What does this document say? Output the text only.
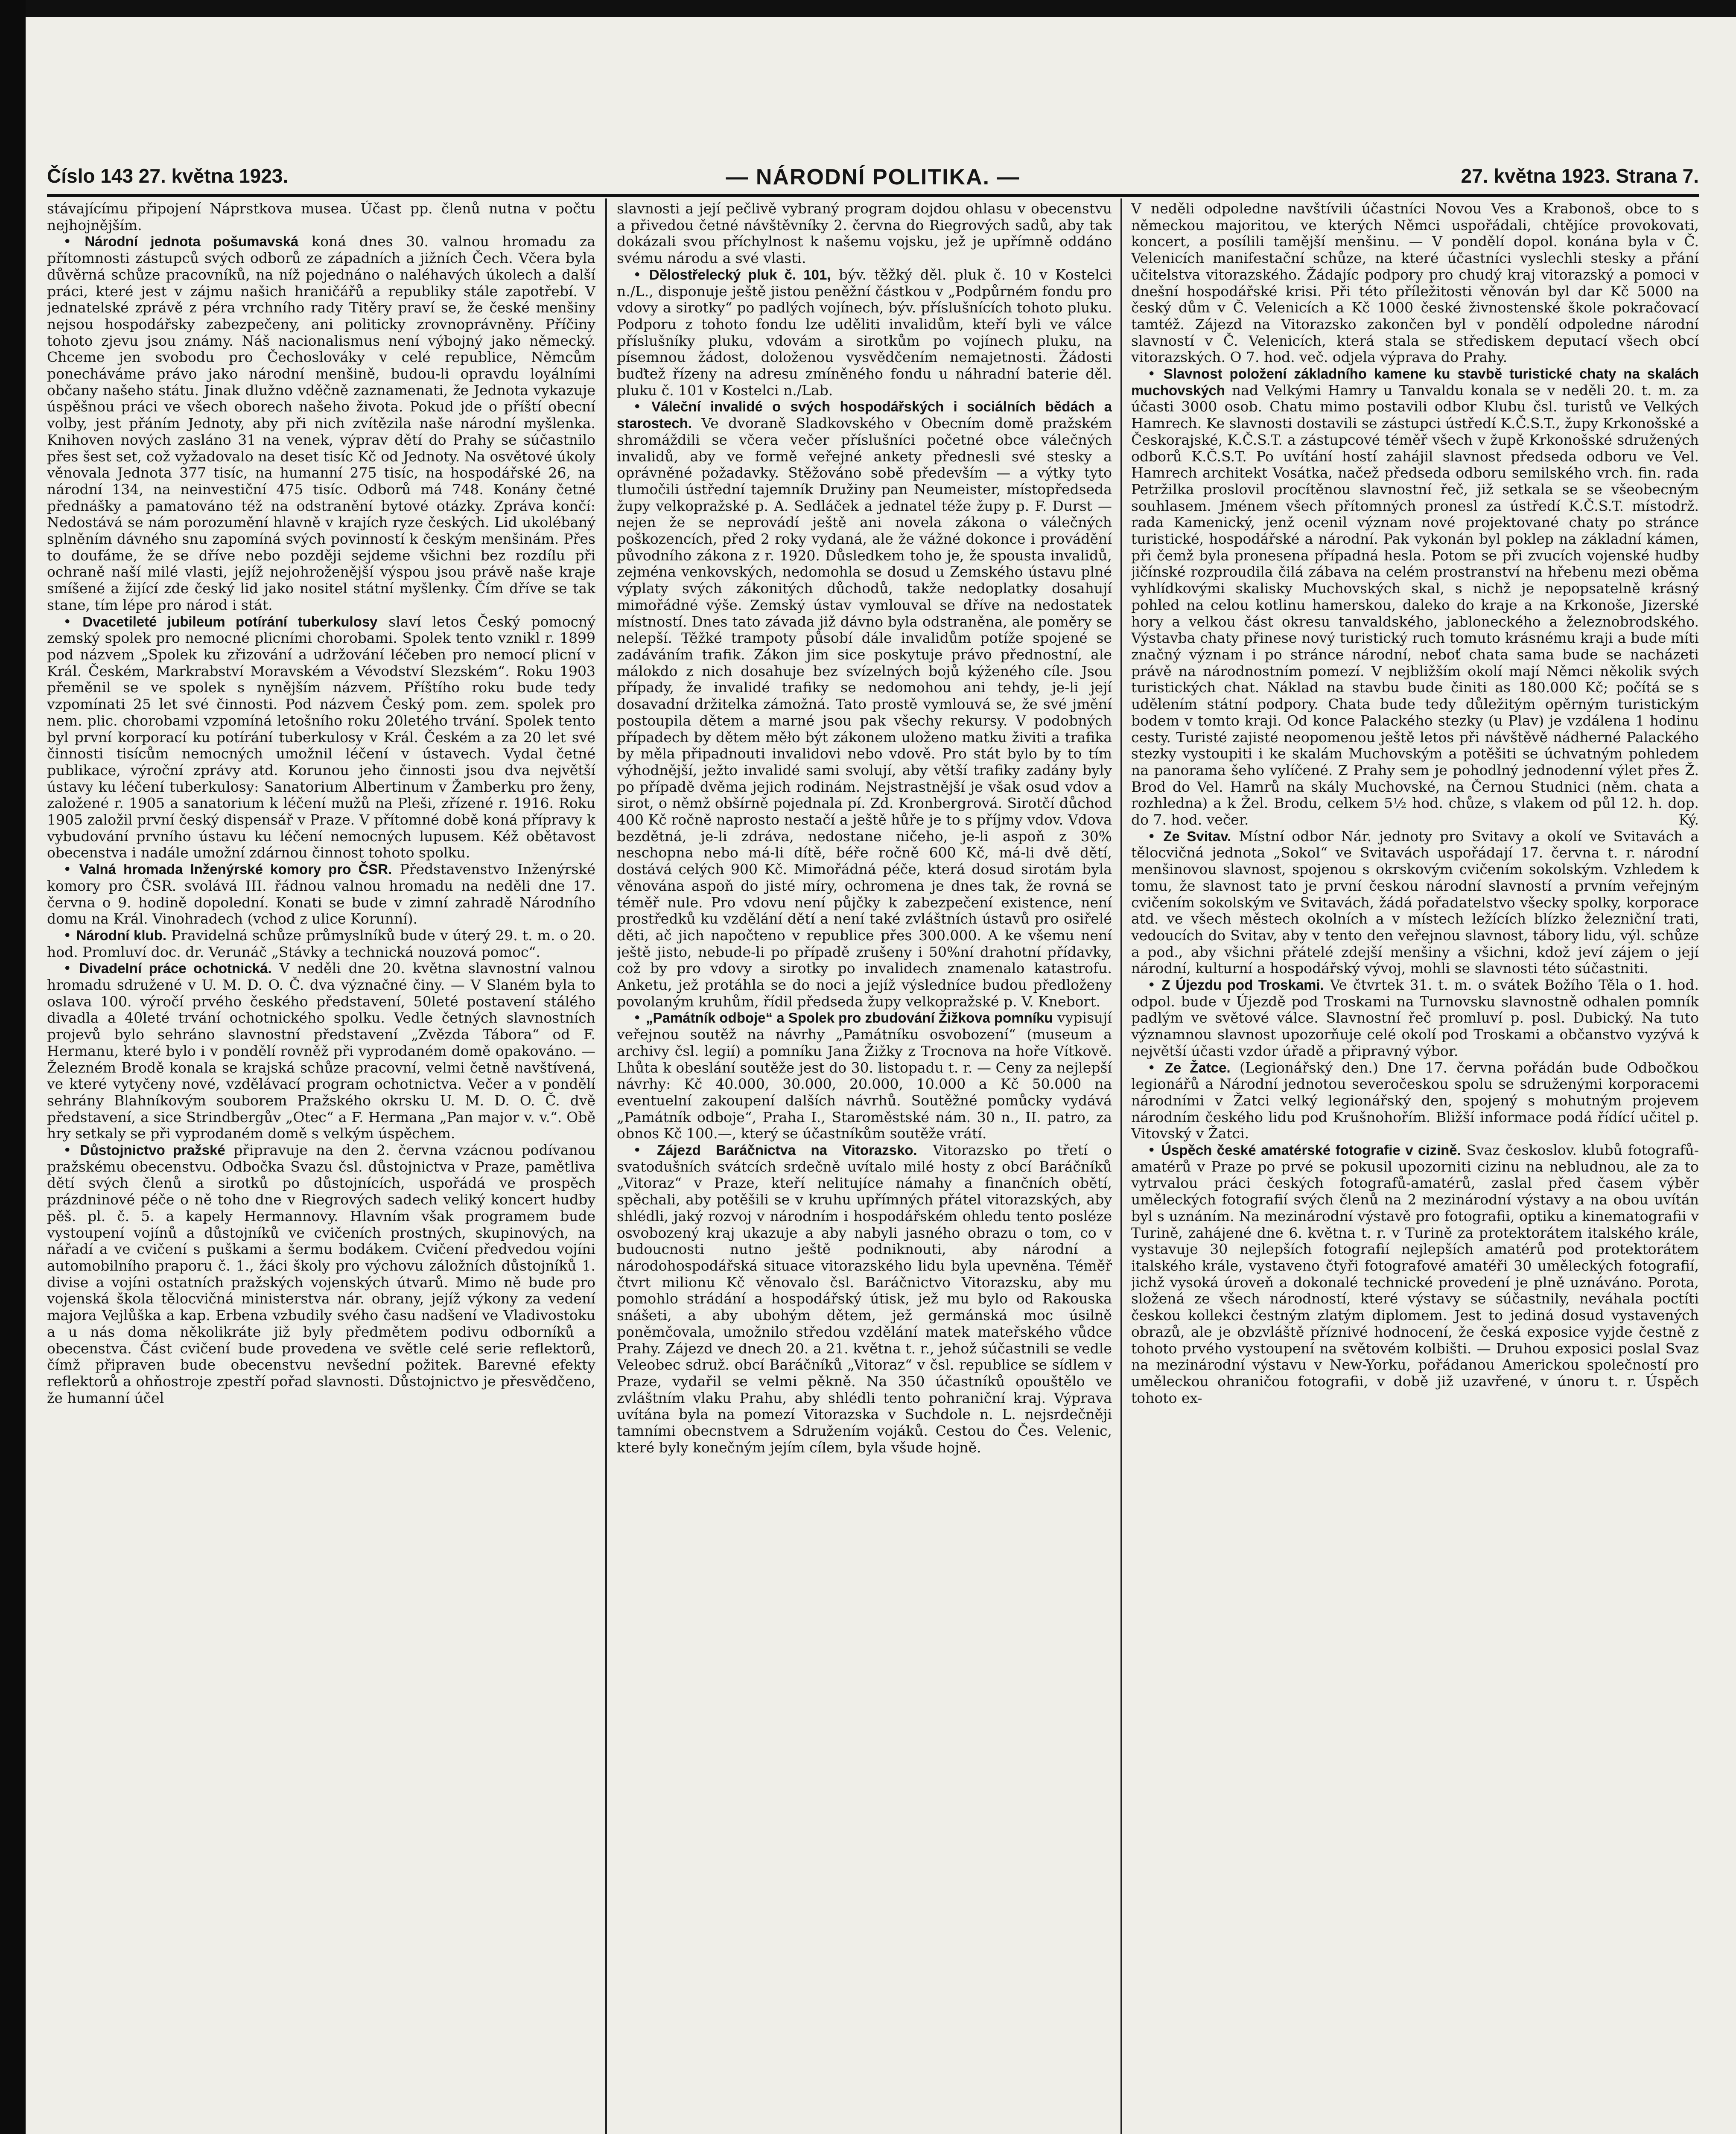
Číslo 143 27. května 1923.	— NÁRODNÍ POLITIKA. —	27. května 1923. Strana 7.

stávajícímu připojení Náprstkova musea. Účast pp. členů nutna v počtu nejhojnějším.

• Národní jednota pošumavská koná dnes 30. valnou hromadu za přítomnosti zástupců svých odborů ze západních a jižních Čech. Včera byla důvěrná schůze pracovníků, na níž pojednáno o naléhavých úkolech a další práci, které jest v zájmu našich hraničářů a republiky stále zapotřebí. V jednatelské zprávě z péra vrchního rady Titěry praví se, že české menšiny nejsou hospodářsky zabezpečeny, ani politicky zrovnoprávněny. Příčiny tohoto zjevu jsou známy. Náš nacionalismus není výbojný jako německý. Chceme jen svobodu pro Čechoslováky v celé republice, Němcům ponecháváme právo jako národní menšině, budou-li opravdu loyálními občany našeho státu. Jinak dlužno vděčně zaznamenati, že Jednota vykazuje úspěšnou práci ve všech oborech našeho života. Pokud jde o příští obecní volby, jest přáním Jednoty, aby při nich zvítězila naše národní myšlenka. Knihoven nových zasláno 31 na venek, výprav dětí do Prahy se súčastnilo přes šest set, což vyžadovalo na deset tisíc Kč od Jednoty. Na osvětové úkoly věnovala Jednota 377 tisíc, na humanní 275 tisíc, na hospodářské 26, na národní 134, na neinvestiční 475 tisíc. Odborů má 748. Konány četné přednášky a pamatováno též na odstranění bytové otázky. Zpráva končí: Nedostává se nám porozumění hlavně v krajích ryze českých. Lid ukolébaný splněním dávného snu zapomíná svých povinností k českým menšinám. Přes to doufáme, že se dříve nebo později sejdeme všichni bez rozdílu při ochraně naší milé vlasti, jejíž nejohroženější výspou jsou právě naše kraje smíšené a žijící zde český lid jako nositel státní myšlenky. Čím dříve se tak stane, tím lépe pro národ i stát.

• Dvacetileté jubileum potírání tuberkulosy slaví letos Český pomocný zemský spolek pro nemocné plicními chorobami. Spolek tento vznikl r. 1899 pod názvem „Spolek ku zřizování a udržování léčeben pro nemocí plicní v Král. Českém, Markrabství Moravském a Vévodství Slezském“. Roku 1903 přeměnil se ve spolek s nynějším názvem. Příštího roku bude tedy vzpomínati 25 let své činnosti. Pod názvem Český pom. zem. spolek pro nem. plic. chorobami vzpomíná letošního roku 20letého trvání. Spolek tento byl první korporací ku potírání tuberkulosy v Král. Českém a za 20 let své činnosti tisícům nemocných umožnil léčení v ústavech. Vydal četné publikace, výroční zprávy atd. Korunou jeho činnosti jsou dva největší ústavy ku léčení tuberkulosy: Sanatorium Albertinum v Žamberku pro ženy, založené r. 1905 a sanatorium k léčení mužů na Pleši, zřízené r. 1916. Roku 1905 založil první český dispensář v Praze. V přítomné době koná přípravy k vybudování prvního ústavu ku léčení nemocných lupusem. Kéž obětavost obecenstva i nadále umožní zdárnou činnost tohoto spolku.

• Valná hromada Inženýrské komory pro ČSR. Představenstvo Inženýrské komory pro ČSR. svolává III. řádnou valnou hromadu na neděli dne 17. června o 9. hodině dopolední. Konati se bude v zimní zahradě Národního domu na Král. Vinohradech (vchod z ulice Korunní).

• Národní klub. Pravidelná schůze průmyslníků bude v úterý 29. t. m. o 20. hod. Promluví doc. dr. Verunáč „Stávky a technická nouzová pomoc“.

• Divadelní práce ochotnická. V neděli dne 20. května slavnostní valnou hromadu sdružené v U. M. D. O. Č. dva význačné činy. — V Slaném byla to oslava 100. výročí prvého českého představení, 50leté postavení stálého divadla a 40leté trvání ochotnického spolku. Vedle četných slavnostních projevů bylo sehráno slavnostní představení „Zvězda Tábora“ od F. Hermanu, které bylo i v pondělí rovněž při vyprodaném domě opakováno. — Železném Brodě konala se krajská schůze pracovní, velmi četně navštívená, ve které vytyčeny nové, vzdělávací program ochotnictva. Večer a v pondělí sehrány Blahníkovým souborem Pražského okrsku U. M. D. O. Č. dvě představení, a sice Strindbergův „Otec“ a F. Hermana „Pan major v. v.“. Obě hry setkaly se při vyprodaném domě s velkým úspěchem.

• Důstojnictvo pražské připravuje na den 2. června vzácnou podívanou pražskému obecenstvu. Odbočka Svazu čsl. důstojnictva v Praze, pamětliva dětí svých členů a sirotků po důstojnících, uspořádá ve prospěch prázdninové péče o ně toho dne v Riegrových sadech veliký koncert hudby pěš. pl. č. 5. a kapely Hermannovy. Hlavním však programem bude vystoupení vojínů a důstojníků ve cvičeních prostných, skupinových, na nářadí a ve cvičení s puškami a šermu bodákem. Cvičení předvedou vojíni automobilního praporu č. 1., žáci školy pro výchovu záložních důstojníků 1. divise a vojíni ostatních pražských vojenských útvarů. Mimo ně bude pro vojenská škola tělocvičná ministerstva nár. obrany, jejíž výkony za vedení majora Vejlůška a kap. Erbena vzbudily svého času nadšení ve Vladivostoku a u nás doma několikráte již byly předmětem podivu odborníků a obecenstva. Část cvičení bude provedena ve světle celé serie reflektorů, čímž připraven bude obecenstvu nevšední požitek. Barevné efekty reflektorů a ohňostroje zpestří pořad slavnosti. Důstojnictvo je přesvědčeno, že humanní účel

slavnosti a její pečlivě vybraný program dojdou ohlasu v obecenstvu a přivedou četné návštěvníky 2. června do Riegrových sadů, aby tak dokázali svou příchylnost k našemu vojsku, jež je upřímně oddáno svému národu a své vlasti.

• Dělostřelecký pluk č. 101, býv. těžký děl. pluk č. 10 v Kostelci n./L., disponuje ještě jistou peněžní částkou v „Podpůrném fondu pro vdovy a sirotky“ po padlých vojínech, býv. příslušnících tohoto pluku. Podporu z tohoto fondu lze uděliti invalidům, kteří byli ve válce příslušníky pluku, vdovám a sirotkům po vojínech pluku, na písemnou žádost, doloženou vysvědčením nemajetnosti. Žádosti buďtež řízeny na adresu zmíněného fondu u náhradní baterie děl. pluku č. 101 v Kostelci n./Lab.

• Váleční invalidé o svých hospodářských i sociálních bědách a starostech. Ve dvoraně Sladkovského v Obecním domě pražském shromáždili se včera večer příslušníci početné obce válečných invalidů, aby ve formě veřejné ankety přednesli své stesky a oprávněné požadavky. Stěžováno sobě především — a výtky tyto tlumočili ústřední tajemník Družiny pan Neumeister, místopředseda župy velkopražské p. A. Sedláček a jednatel téže župy p. F. Durst — nejen že se neprovádí ještě ani novela zákona o válečných poškozencích, před 2 roky vydaná, ale že vážné dokonce i provádění původního zákona z r. 1920. Důsledkem toho je, že spousta invalidů, zejména venkovských, nedomohla se dosud u Zemského ústavu plné výplaty svých zákonitých důchodů, takže nedoplatky dosahují mimořádné výše. Zemský ústav vymlouval se dříve na nedostatek místností. Dnes tato závada již dávno byla odstraněna, ale poměry se nelepší. Těžké trampoty působí dále invalidům potíže spojené se zadáváním trafik. Zákon jim sice poskytuje právo přednostní, ale málokdo z nich dosahuje bez svízelných bojů kýženého cíle. Jsou případy, že invalidé trafiky se nedomohou ani tehdy, je-li její dosavadní držitelka zámožná. Tato prostě vymlouvá se, že své jmění postoupila dětem a marné jsou pak všechy rekursy. V podobných případech by dětem měło být zákonem uloženo matku živiti a trafika by měla připadnouti invalidovi nebo vdově. Pro stát bylo by to tím výhodnější, ježto invalidé sami svolují, aby větší trafiky zadány byly po případě dvěma jejich rodinám. Nejstrastnější je však osud vdov a sirot, o němž obšírně pojednala pí. Zd. Kronbergrová. Sirotčí důchod 400 Kč ročně naprosto nestačí a ještě hůře je to s příjmy vdov. Vdova bezdětná, je-li zdráva, nedostane ničeho, je-li aspoň z 30% neschopna nebo má-li dítě, béře ročně 600 Kč, má-li dvě dětí, dostává celých 900 Kč. Mimořádná péče, která dosud sirotám byla věnována aspoň do jisté míry, ochromena je dnes tak, že rovná se téměř nule. Pro vdovu není půjčky k zabezpečení existence, není prostředků ku vzdělání dětí a není také zvláštních ústavů pro osiřelé děti, ač jich napočteno v republice přes 300.000. A ke všemu není ještě jisto, nebude-li po případě zrušeny i 50%ní drahotní přídavky, což by pro vdovy a sirotky po invalidech znamenalo katastrofu. Anketu, jež protáhla se do noci a jejíž výsledníce budou předloženy povolaným kruhům, řídil předseda župy velkopražské p. V. Knebort.

• „Památník odboje“ a Spolek pro zbudování Žižkova pomníku vypisují veřejnou soutěž na návrhy „Památníku osvobození“ (museum a archivy čsl. legií) a pomníku Jana Žižky z Trocnova na hoře Vítkově. Lhůta k obeslání soutěže jest do 30. listopadu t. r. — Ceny za nejlepší návrhy: Kč 40.000, 30.000, 20.000, 10.000 a Kč 50.000 na eventuelní zakoupení dalších návrhů. Soutěžné pomůcky vydává „Památník odboje“, Praha I., Staroměstské nám. 30 n., II. patro, za obnos Kč 100.—, který se účastníkům soutěže vrátí.

• Zájezd Baráčnictva na Vitorazsko. Vitorazsko po třetí o svatodušních svátcích srdečně uvítalo milé hosty z obcí Baráčníků „Vitoraz“ v Praze, kteří nelitujíce námahy a finančních obětí, spěchali, aby potěšili se v kruhu upřímných přátel vitorazských, aby shlédli, jaký rozvoj v národním i hospodářském ohledu tento posléze osvobozený kraj ukazuje a aby nabyli jasného obrazu o tom, co v budoucnosti nutno ještě podniknouti, aby národní a národohospodářská situace vitorazského lidu byla upevněna. Téměř čtvrt milionu Kč věnovalo čsl. Baráčnictvo Vitorazsku, aby mu pomohlo strádání a hospodářský útisk, jež mu bylo od Rakouska snášeti, a aby ubohým dětem, jež germánská moc úsilně poněmčovala, umožnilo středou vzdělání matek mateřského vůdce Prahy. Zájezd ve dnech 20. a 21. května t. r., jehož súčastnili se vedle Veleobec sdruž. obcí Baráčníků „Vitoraz“ v čsl. republice se sídlem v Praze, vydařil se velmi pěkně. Na 350 účastníků opouštělo ve zvláštním vlaku Prahu, aby shlédli tento pohraniční kraj. Výprava uvítána byla na pomezí Vitorazska v Suchdole n. L. nejsrdečněji tamními obecnstvem a Sdružením vojáků. Cestou do Čes. Velenic, které byly konečným jejím cílem, byla všude hojně.

V neděli odpoledne navštívili účastníci Novou Ves a Krabonoš, obce to s německou majoritou, ve kterých Němci uspořádali, chtějíce provokovati, koncert, a posílili tamější menšinu. — V pondělí dopol. konána byla v Č. Velenicích manifestační schůze, na které účastníci vyslechli stesky a přání učitelstva vitorazského. Žádajíc podpory pro chudý kraj vitorazský a pomoci v dnešní hospodářské krisi. Při této příležitosti věnován byl dar Kč 5000 na český dům v Č. Velenicích a Kč 1000 české živnostenské škole pokračovací tamtéž. Zájezd na Vitorazsko zakončen byl v pondělí odpoledne národní slavností v Č. Velenicích, která stala se střediskem deputací všech obcí vitorazských. O 7. hod. več. odjela výprava do Prahy.

• Slavnost položení základního kamene ku stavbě turistické chaty na skalách muchovských nad Velkými Hamry u Tanvaldu konala se v neděli 20. t. m. za účasti 3000 osob. Chatu mimo postavili odbor Klubu čsl. turistů ve Velkých Hamrech. Ke slavnosti dostavili se zástupci ústředí K.Č.S.T., župy Krkonošské a Českorajské, K.Č.S.T. a zástupcové téměř všech v župě Krkonošské sdružených odborů K.Č.S.T. Po uvítání hostí zahájil slavnost předseda odboru ve Vel. Hamrech architekt Vosátka, načež předseda odboru semilského vrch. fin. rada Petržilka proslovil procítěnou slavnostní řeč, již setkala se se všeobecným souhlasem. Jménem všech přítomných pronesl za ústředí K.Č.S.T. místodrž. rada Kamenický, jenž ocenil význam nové projektované chaty po stránce turistické, hospodářské a národní. Pak vykonán byl poklep na základní kámen, při čemž byla pronesena případná hesla. Potom se při zvucích vojenské hudby jičínské rozproudila čilá zábava na celém prostranství na hřebenu mezi oběma vyhlídkovými skalisky Muchovských skal, s nichž je nepopsatelně krásný pohled na celou kotlinu hamerskou, daleko do kraje a na Krkonoše, Jizerské hory a velkou část okresu tanvaldského, jabloneckého a železnobrodského. Výstavba chaty přinese nový turistický ruch tomuto krásnému kraji a bude míti značný význam i po stránce národní, neboť chata sama bude se nacházeti právě na národnostním pomezí. V nejbližším okolí mají Němci několik svých turistických chat. Náklad na stavbu bude činiti as 180.000 Kč; počítá se s udělením státní podpory. Chata bude tedy důležitým opěrným turistickým bodem v tomto kraji. Od konce Palackého stezky (u Plav) je vzdálena 1 hodinu cesty. Turisté zajisté neopomenou ještě letos při návštěvě nádherné Palackého stezky vystoupiti i ke skalám Muchovským a potěšiti se úchvatným pohledem na panorama šeho vylíčené. Z Prahy sem je pohodlný jednodenní výlet přes Ž. Brod do Vel. Hamrů na skály Muchovské, na Černou Studnici (něm. chata a rozhledna) a k Žel. Brodu, celkem 5½ hod. chůze, s vlakem od půl 12. h. dop. do 7. hod. večer.	Ký.

• Ze Svitav. Místní odbor Nár. jednoty pro Svitavy a okolí ve Svitavách a tělocvičná jednota „Sokol“ ve Svitavách uspořádají 17. června t. r. národní menšinovou slavnost, spojenou s okrskovým cvičením sokolským. Vzhledem k tomu, že slavnost tato je první českou národní slavností a prvním veřejným cvičením sokolským ve Svitavách, žádá pořadatelstvo všecky spolky, korporace atd. ve všech městech okolních a v místech ležících blízko železniční trati, vedoucích do Svitav, aby v tento den veřejnou slavnost, tábory lidu, výl. schůze a pod., aby všichni přátelé zdejší menšiny a všichni, kdož jeví zájem o její národní, kulturní a hospodářský vývoj, mohli se slavnosti této súčastniti.

• Z Újezdu pod Troskami. Ve čtvrtek 31. t. m. o svátek Božího Těla o 1. hod. odpol. bude v Újezdě pod Troskami na Turnovsku slavnostně odhalen pomník padlým ve světové válce. Slavnostní řeč promluví p. posl. Dubický. Na tuto významnou slavnost upozorňuje celé okolí pod Troskami a občanstvo vyzývá k největší účasti vzdor úřadě a připravný výbor.

• Ze Žatce. (Legionářský den.) Dne 17. června pořádán bude Odbočkou legionářů a Národní jednotou severočeskou spolu se sdruženými korporacemi národními v Žatci velký legionářský den, spojený s mohutným projevem národním českého lidu pod Krušnohořím. Bližší informace podá řídící učitel p. Vitovský v Žatci.

• Úspěch české amatérské fotografie v cizině. Svaz českoslov. klubů fotografů-amatérů v Praze po prvé se pokusil upozorniti cizinu na nebludnou, ale za to vytrvalou práci českých fotografů-amatérů, zaslal před časem výběr uměleckých fotografií svých členů na 2 mezinárodní výstavy a na obou uvítán byl s uznáním. Na mezinárodní výstavě pro fotografii, optiku a kinematografii v Turině, zahájené dne 6. května t. r. v Turině za protektorátem italského krále, vystavuje 30 nejlepších fotografií nejlepších amatérů pod protektorátem italského krále, vystaveno čtyři fotografové amatéři 30 uměleckých fotografií, jichž vysoká úroveň a dokonalé technické provedení je plně uznáváno. Porota, složená ze všech národností, které výstavy se súčastnily, neváhala poctíti českou kollekci čestným zlatým diplomem. Jest to jediná dosud vystavených obrazů, ale je obzvláště příznivé hodnocení, že česká exposice vyjde čestně z tohoto prvého vystoupení na světovém kolbišti. — Druhou exposici poslal Svaz na mezinárodní výstavu v New-Yorku, pořádanou Americkou společností pro uměleckou ohraničou fotografii, v době již uzavřené, v únoru t. r. Úspěch tohoto ex-
